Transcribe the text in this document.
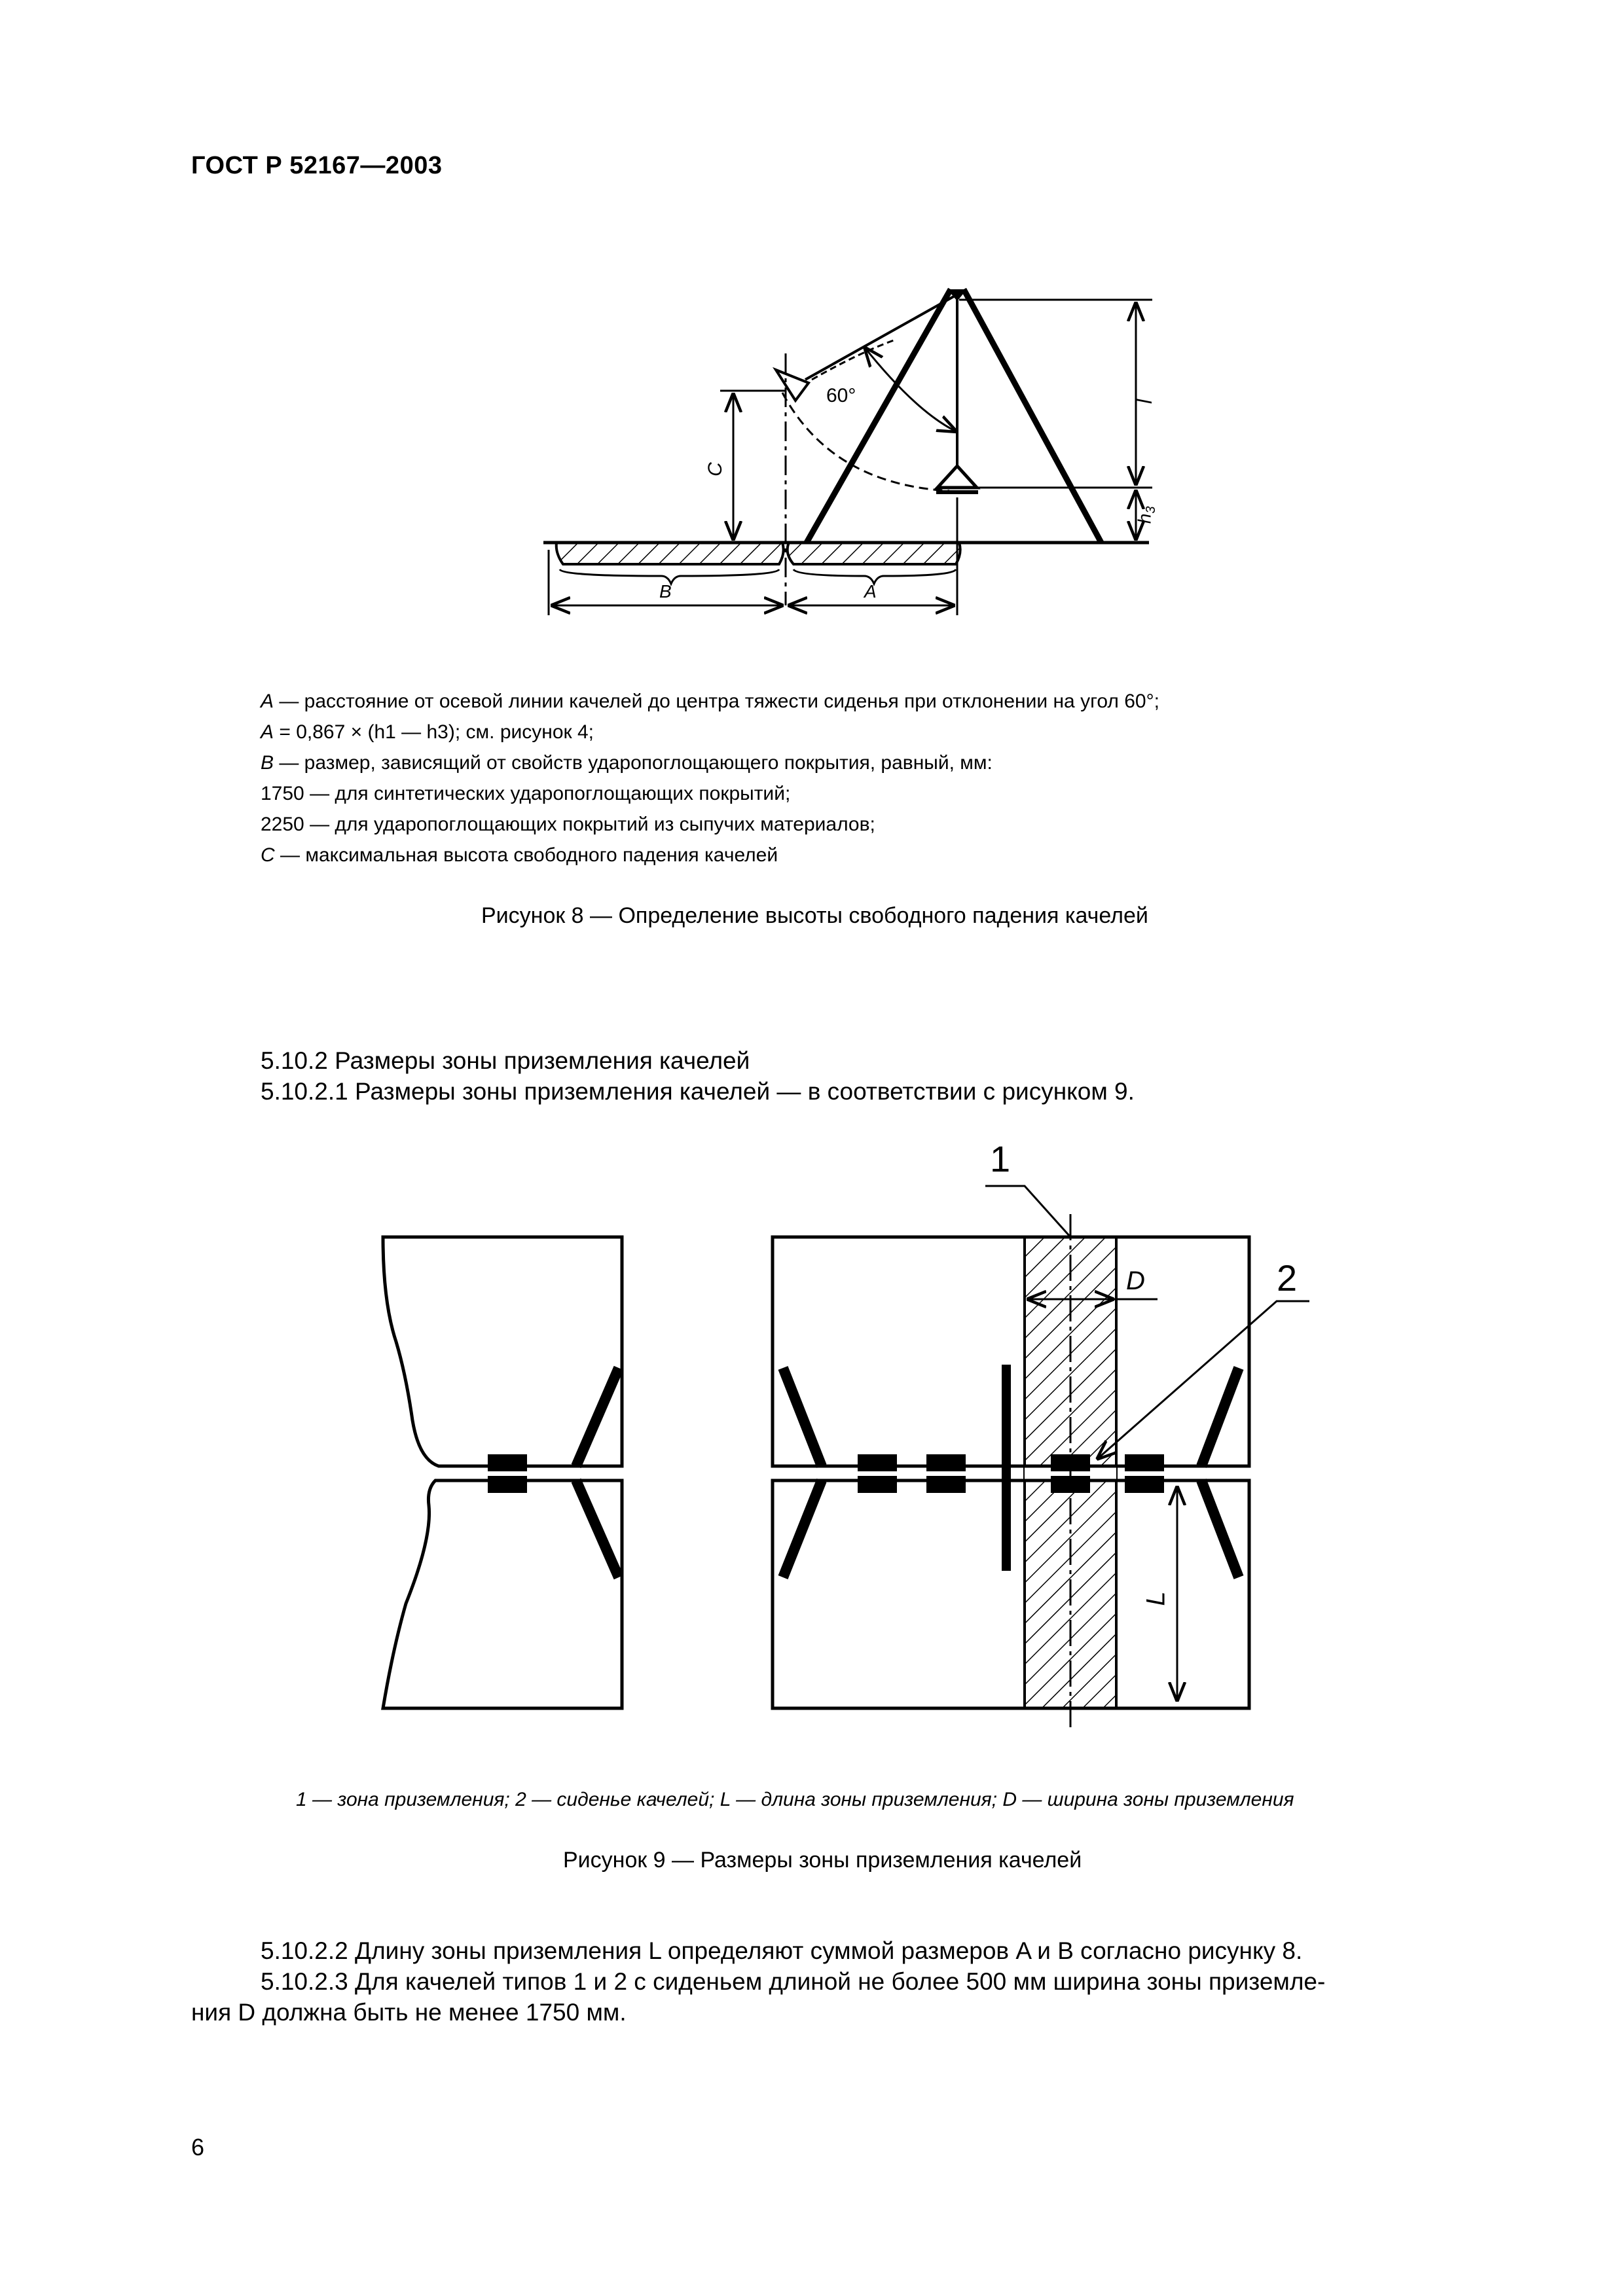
ГОСТ Р 52167—2003
60°
C
l
$h_3$
B	A
A — расстояние от осевой линии качелей до центра тяжести сиденья при отклонении на угол 60°;
A = 0,867 × (h1 — h3); см. рисунок 4;
B — размер, зависящий от свойств ударопоглощающего покрытия, равный, мм:
1750 — для синтетических ударопоглощающих покрытий;
2250 — для ударопоглощающих покрытий из сыпучих материалов;
C — максимальная высота свободного падения качелей
Рисунок 8 — Определение высоты свободного падения качелей
5.10.2 Размеры зоны приземления качелей
5.10.2.1 Размеры зоны приземления качелей — в соответствии с рисунком 9.
1
2
D
L
1 — зона приземления; 2 — сиденье качелей; L — длина зоны приземления; D — ширина зоны приземления
Рисунок 9 — Размеры зоны приземления качелей
5.10.2.2 Длину зоны приземления L определяют суммой размеров A и B согласно рисунку 8.
5.10.2.3 Для качелей типов 1 и 2 с сиденьем длиной не более 500 мм ширина зоны приземле-
ния D должна быть не менее 1750 мм.
6
